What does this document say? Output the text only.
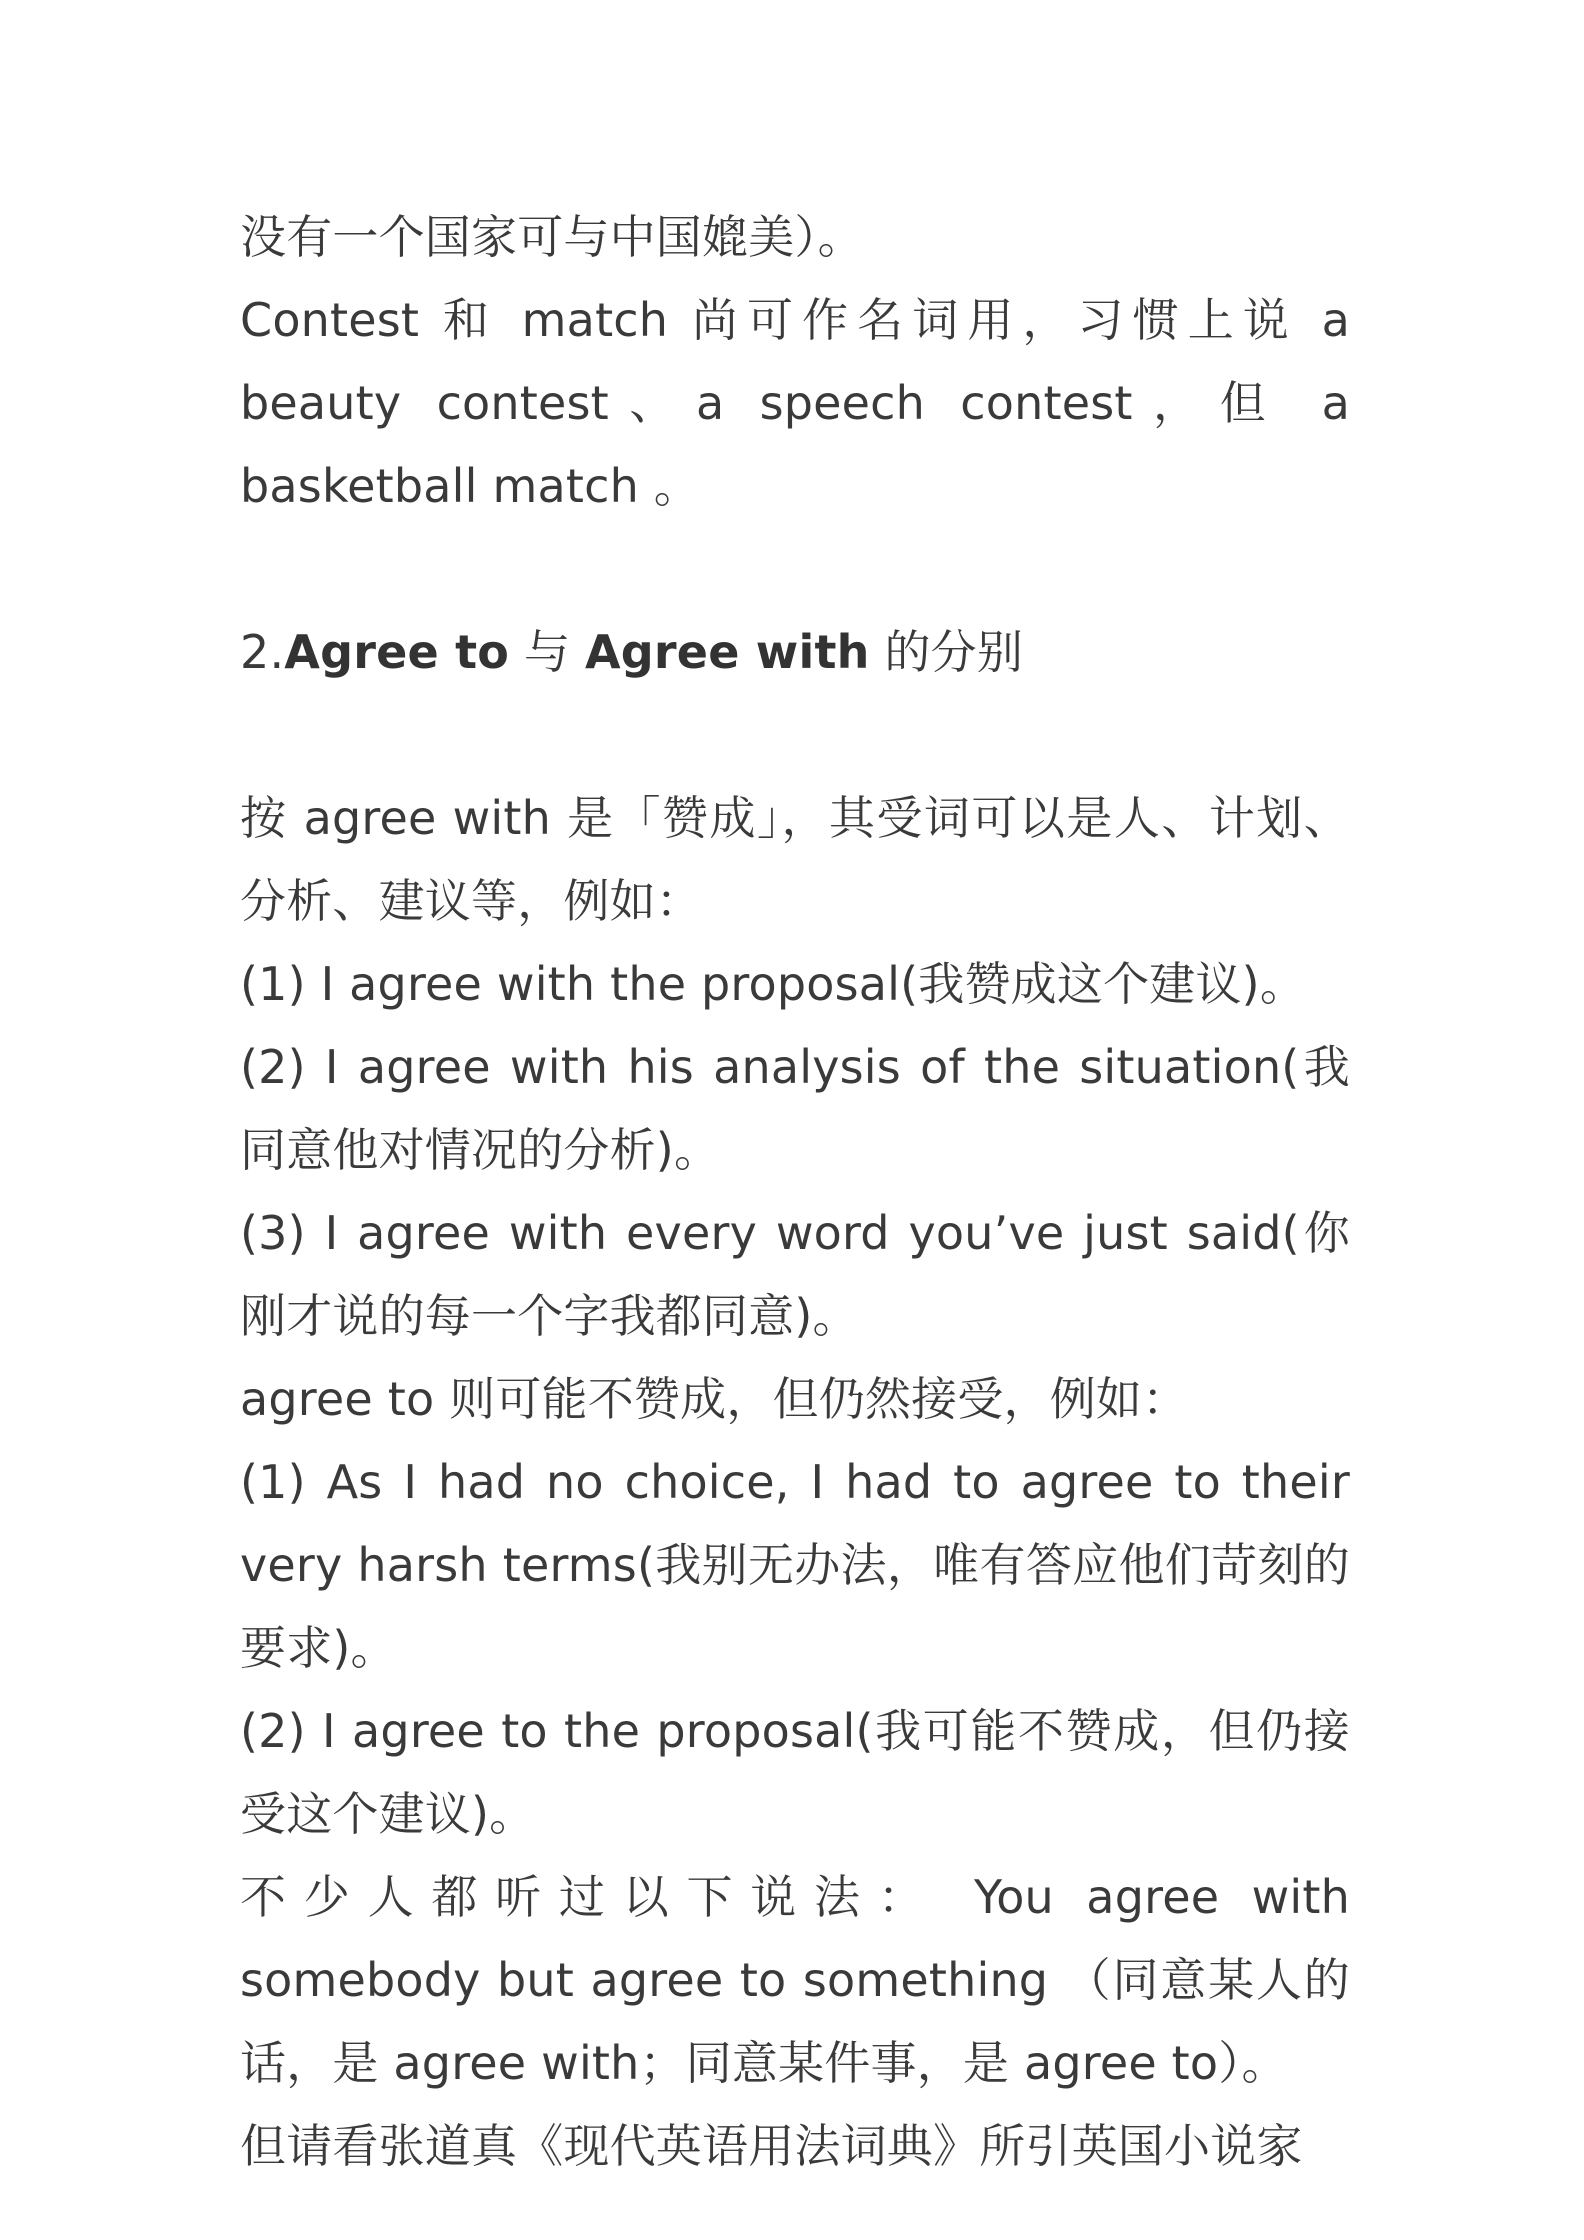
没有一个国家可与中国媲美）。

Contest 和 match 尚可作名词用，习惯上说 a beauty contest、a speech contest，但 a basketball match 。

2.Agree to 与 Agree with 的分别

按 agree with 是「赞成」，其受词可以是人、计划、分析、建议等，例如：

(1) I agree with the proposal(我赞成这个建议)。

(2) I agree with his analysis of the situation(我同意他对情况的分析)。

(3) I agree with every word you’ve just said(你刚才说的每一个字我都同意)。

agree to 则可能不赞成，但仍然接受，例如：

(1) As I had no choice, I had to agree to their very harsh terms(我别无办法，唯有答应他们苛刻的要求)。

(2) I agree to the proposal(我可能不赞成，但仍接受这个建议)。

不少人都听过以下说法： You agree with somebody but agree to something （同意某人的话，是 agree with；同意某件事，是 agree to）。

但请看张道真《现代英语用法词典》所引英国小说家
